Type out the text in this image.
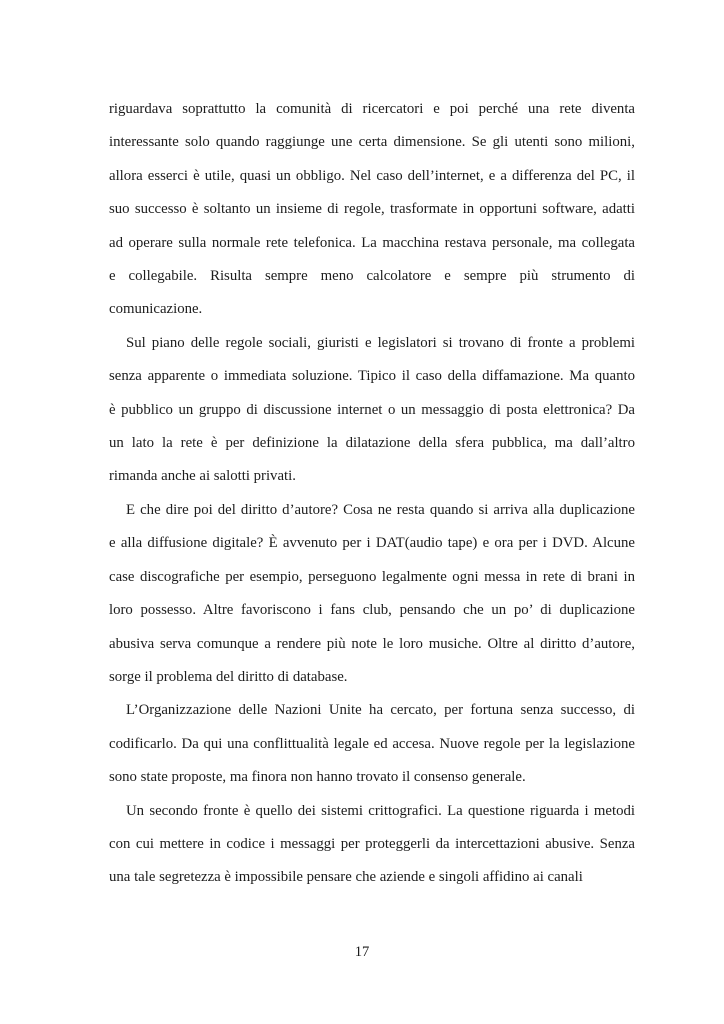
riguardava soprattutto la comunità di ricercatori e poi perché una rete diventa
interessante solo quando raggiunge une certa dimensione. Se gli utenti sono milioni,
allora esserci è utile, quasi un obbligo. Nel caso dell’internet, e a differenza del PC, il
suo successo è soltanto un insieme di regole, trasformate in opportuni software, adatti
ad operare sulla normale rete telefonica. La macchina restava personale, ma collegata
e collegabile. Risulta sempre meno calcolatore e sempre più strumento di
comunicazione.
Sul piano delle regole sociali, giuristi e legislatori si trovano di fronte a problemi
senza apparente o immediata soluzione. Tipico il caso della diffamazione. Ma quanto
è pubblico un gruppo di discussione internet o un messaggio di posta elettronica? Da
un lato la rete è per definizione la dilatazione della sfera pubblica, ma dall’altro
rimanda anche ai salotti privati.
E che dire poi del diritto d’autore? Cosa ne resta quando si arriva alla duplicazione
e alla diffusione digitale? È avvenuto per i DAT(audio tape) e ora per i DVD. Alcune
case discografiche per esempio, perseguono legalmente ogni messa in rete di brani in
loro possesso. Altre favoriscono i fans club, pensando che un po’ di duplicazione
abusiva serva comunque a rendere più note le loro musiche. Oltre al diritto d’autore,
sorge il problema del diritto di database.
L’Organizzazione delle Nazioni Unite ha cercato, per fortuna senza successo, di
codificarlo. Da qui una conflittualità legale ed accesa. Nuove regole per la legislazione
sono state proposte, ma finora non hanno trovato il consenso generale.
Un secondo fronte è quello dei sistemi crittografici. La questione riguarda i metodi
con cui mettere in codice i messaggi per proteggerli da intercettazioni abusive. Senza
una tale segretezza è impossibile pensare che aziende e singoli affidino ai canali
17
